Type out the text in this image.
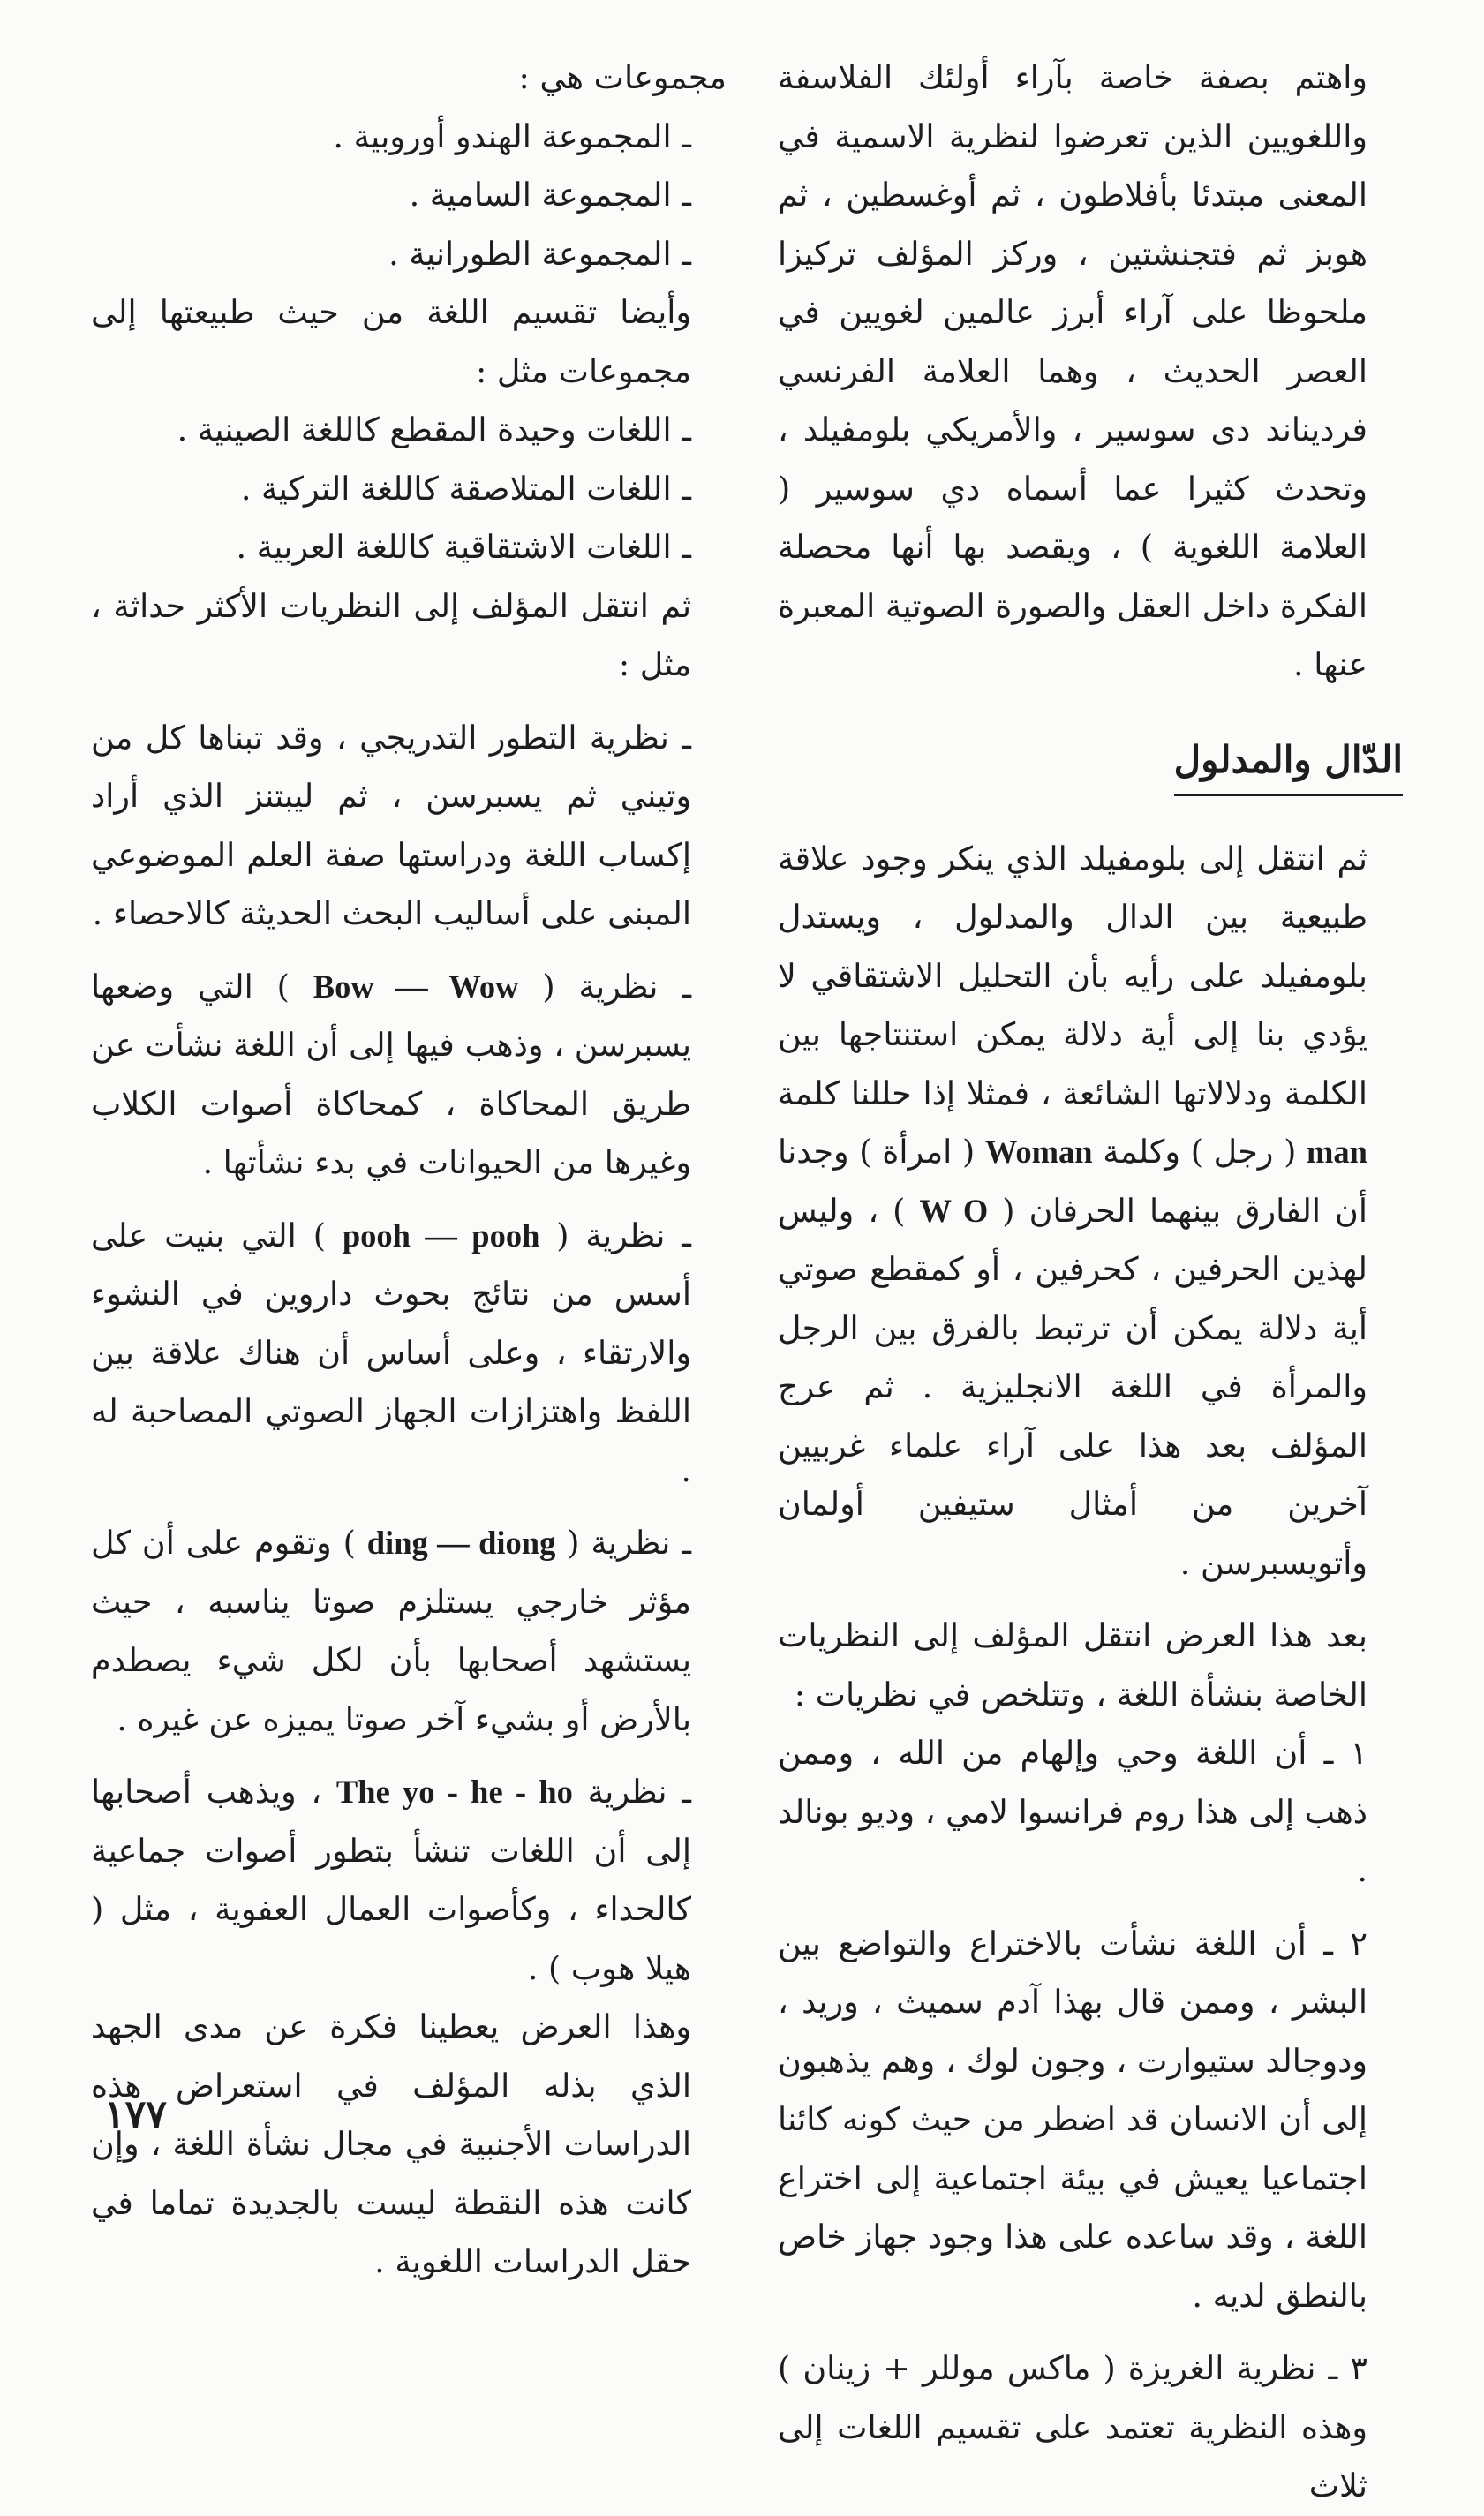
واهتم بصفة خاصة بآراء أولئك الفلاسفة واللغويين الذين تعرضوا لنظرية الاسمية في المعنى مبتدئا بأفلاطون ، ثم أوغسطين ، ثم هوبز ثم فتجنشتين ، وركز المؤلف تركيزا ملحوظا على آراء أبرز عالمين لغويين في العصر الحديث ، وهما العلامة الفرنسي فرديناند دى سوسير ، والأمريكي بلومفيلد ، وتحدث كثيرا عما أسماه دي سوسير ( العلامة اللغوية ) ، ويقصد بها أنها محصلة الفكرة داخل العقل والصورة الصوتية المعبرة عنها .

الدّال والمدلول

ثم انتقل إلى بلومفيلد الذي ينكر وجود علاقة طبيعية بين الدال والمدلول ، ويستدل بلومفيلد على رأيه بأن التحليل الاشتقاقي لا يؤدي بنا إلى أية دلالة يمكن استنتاجها بين الكلمة ودلالاتها الشائعة ، فمثلا إذا حللنا كلمة man ( رجل ) وكلمة Woman ( امرأة ) وجدنا أن الفارق بينهما الحرفان ( W O ) ، وليس لهذين الحرفين ، كحرفين ، أو كمقطع صوتي أية دلالة يمكن أن ترتبط بالفرق بين الرجل والمرأة في اللغة الانجليزية . ثم عرج المؤلف بعد هذا على آراء علماء غربيين آخرين من أمثال ستيفين أولمان وأتويسبرسن .

بعد هذا العرض انتقل المؤلف إلى النظريات الخاصة بنشأة اللغة ، وتتلخص في نظريات :

١ ـ أن اللغة وحي وإلهام من الله ، وممن ذهب إلى هذا روم فرانسوا لامي ، وديو بونالد .

٢ ـ أن اللغة نشأت بالاختراع والتواضع بين البشر ، وممن قال بهذا آدم سميث ، وريد ، ودوجالد ستيوارت ، وجون لوك ، وهم يذهبون إلى أن الانسان قد اضطر من حيث كونه كائنا اجتماعيا يعيش في بيئة اجتماعية إلى اختراع اللغة ، وقد ساعده على هذا وجود جهاز خاص بالنطق لديه .

٣ ـ نظرية الغريزة ( ماكس موللر + زينان ) وهذه النظرية تعتمد على تقسيم اللغات إلى ثلاث

مجموعات هي :

ـ المجموعة الهندو أوروبية .

ـ المجموعة السامية .

ـ المجموعة الطورانية .

وأيضا تقسيم اللغة من حيث طبيعتها إلى مجموعات مثل :

ـ اللغات وحيدة المقطع كاللغة الصينية .

ـ اللغات المتلاصقة كاللغة التركية .

ـ اللغات الاشتقاقية كاللغة العربية .

ثم انتقل المؤلف إلى النظريات الأكثر حداثة ، مثل :

ـ نظرية التطور التدريجي ، وقد تبناها كل من وتيني ثم يسبرسن ، ثم ليبتنز الذي أراد إكساب اللغة ودراستها صفة العلم الموضوعي المبنى على أساليب البحث الحديثة كالاحصاء .

ـ نظرية ( Bow — Wow ) التي وضعها يسبرسن ، وذهب فيها إلى أن اللغة نشأت عن طريق المحاكاة ، كمحاكاة أصوات الكلاب وغيرها من الحيوانات في بدء نشأتها .

ـ نظرية ( pooh — pooh ) التي بنيت على أسس من نتائج بحوث داروين في النشوء والارتقاء ، وعلى أساس أن هناك علاقة بين اللفظ واهتزازات الجهاز الصوتي المصاحبة له .

ـ نظرية ( ding — diong ) وتقوم على أن كل مؤثر خارجي يستلزم صوتا يناسبه ، حيث يستشهد أصحابها بأن لكل شيء يصطدم بالأرض أو بشيء آخر صوتا يميزه عن غيره .

ـ نظرية The yo - he - ho ، ويذهب أصحابها إلى أن اللغات تنشأ بتطور أصوات جماعية كالحداء ، وكأصوات العمال العفوية ، مثل ( هيلا هوب ) .

وهذا العرض يعطينا فكرة عن مدى الجهد الذي بذله المؤلف في استعراض هذه الدراسات الأجنبية في مجال نشأة اللغة ، وإن كانت هذه النقطة ليست بالجديدة تماما في حقل الدراسات اللغوية .

١٧٧
